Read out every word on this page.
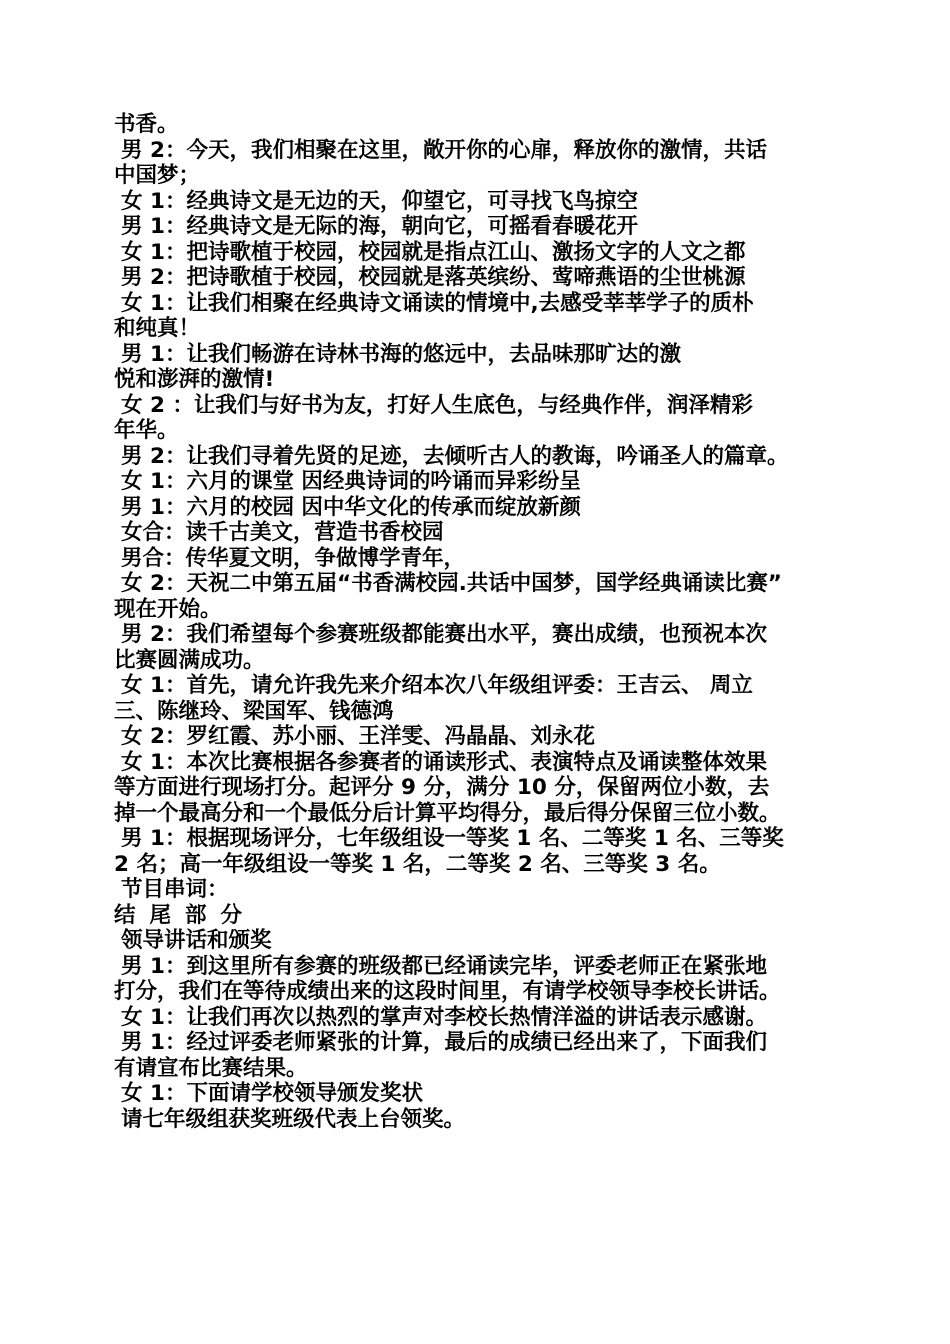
书香。
男 2：今天，我们相聚在这里，敞开你的心扉，释放你的激情，共话
中国梦；
女 1：经典诗文是无边的天，仰望它，可寻找飞鸟掠空
男 1：经典诗文是无际的海，朝向它，可摇看春暖花开
女 1：把诗歌植于校园，校园就是指点江山、激扬文字的人文之都
男 2：把诗歌植于校园，校园就是落英缤纷、莺啼燕语的尘世桃源
女 1：让我们相聚在经典诗文诵读的情境中,去感受莘莘学子的质朴
和纯真！
男 1：让我们畅游在诗林书海的悠远中，去品味那旷达的激
悦和澎湃的激情!
女 2 ：让我们与好书为友，打好人生底色，与经典作伴，润泽精彩
年华。
男 2：让我们寻着先贤的足迹，去倾听古人的教诲，吟诵圣人的篇章。
女 1：六月的课堂 因经典诗词的吟诵而异彩纷呈
男 1：六月的校园 因中华文化的传承而绽放新颜
女合：读千古美文，营造书香校园
男合：传华夏文明，争做博学青年，
女 2：天祝二中第五届“书香满校园.共话中国梦，国学经典诵读比赛”
现在开始。
男 2：我们希望每个参赛班级都能赛出水平，赛出成绩，也预祝本次
比赛圆满成功。
女 1：首先，请允许我先来介绍本次八年级组评委：王吉云、 周立
三、陈继玲、梁国军、钱德鸿
女 2：罗红霞、苏小丽、王洋雯、冯晶晶、刘永花
女 1：本次比赛根据各参赛者的诵读形式、表演特点及诵读整体效果
等方面进行现场打分。起评分 9 分，满分 10 分，保留两位小数，去
掉一个最高分和一个最低分后计算平均得分，最后得分保留三位小数。
男 1：根据现场评分，七年级组设一等奖 1 名、二等奖 1 名、三等奖
2 名；高一年级组设一等奖 1 名，二等奖 2 名、三等奖 3 名。
节目串词：
结尾部分
领导讲话和颁奖
男 1：到这里所有参赛的班级都已经诵读完毕，评委老师正在紧张地
打分，我们在等待成绩出来的这段时间里，有请学校领导李校长讲话。
女 1：让我们再次以热烈的掌声对李校长热情洋溢的讲话表示感谢。
男 1：经过评委老师紧张的计算，最后的成绩已经出来了，下面我们
有请宣布比赛结果。
女 1：下面请学校领导颁发奖状
请七年级组获奖班级代表上台领奖。
